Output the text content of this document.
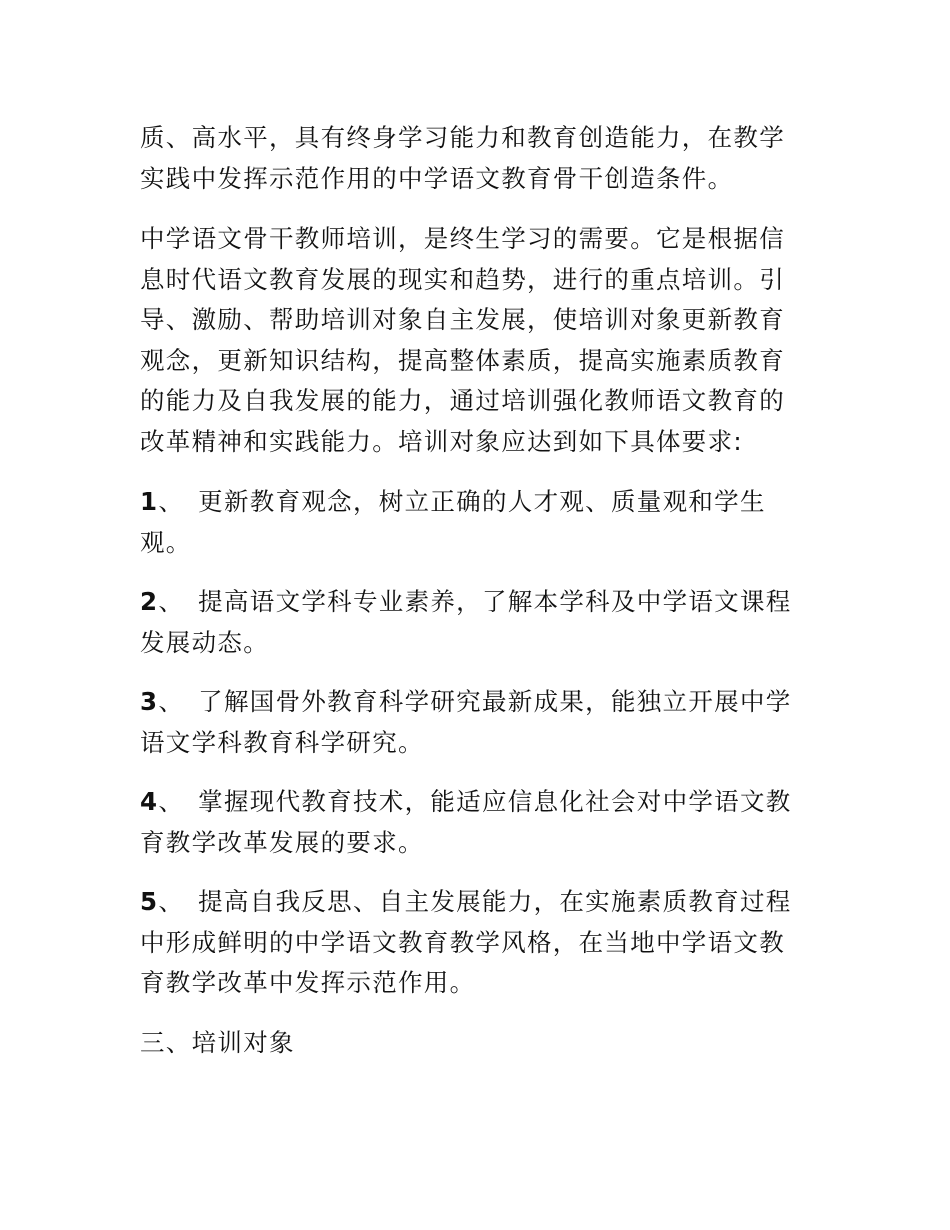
质、高水平，具有终身学习能力和教育创造能力，在教学实践中发挥示范作用的中学语文教育骨干创造条件。

中学语文骨干教师培训，是终生学习的需要。它是根据信息时代语文教育发展的现实和趋势，进行的重点培训。引导、激励、帮助培训对象自主发展，使培训对象更新教育观念，更新知识结构，提高整体素质，提高实施素质教育的能力及自我发展的能力，通过培训强化教师语文教育的改革精神和实践能力。培训对象应达到如下具体要求:

1、 更新教育观念，树立正确的人才观、质量观和学生观。

2、 提高语文学科专业素养，了解本学科及中学语文课程发展动态。

3、 了解国骨外教育科学研究最新成果，能独立开展中学语文学科教育科学研究。

4、 掌握现代教育技术，能适应信息化社会对中学语文教育教学改革发展的要求。

5、 提高自我反思、自主发展能力，在实施素质教育过程中形成鲜明的中学语文教育教学风格，在当地中学语文教育教学改革中发挥示范作用。

三、培训对象
